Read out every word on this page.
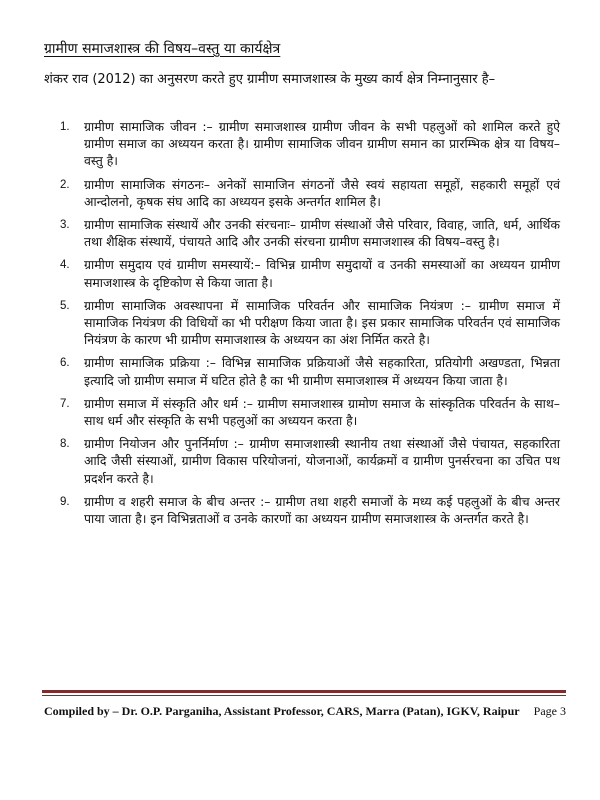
ग्रामीण समाजशास्त्र की विषय–वस्तु या कार्यक्षेत्र
शंकर राव (2012) का अनुसरण करते हुए ग्रामीण समाजशास्त्र के मुख्य कार्य क्षेत्र निम्नानुसार है–
1. ग्रामीण सामाजिक जीवन :– ग्रामीण समाजशास्त्र ग्रामीण जीवन के सभी पहलुओं को शामिल करते हुऐ ग्रामीण समाज का अध्ययन करता है। ग्रामीण सामाजिक जीवन ग्रामीण समान का प्रारम्भिक क्षेत्र या विषय–वस्तु है।
2. ग्रामीण सामाजिक संगठनः– अनेकों सामाजिन संगठनों जैसे स्वयं सहायता समूहों, सहकारी समूहों एवं आन्दोलनो, कृषक संघ आदि का अध्ययन इसके अन्तर्गत शामिल है।
3. ग्रामीण सामाजिक संस्थायें और उनकी संरचनाः– ग्रामीण संस्थाओं जैसे परिवार, विवाह, जाति, धर्म, आर्थिक तथा शैक्षिक संस्थायें, पंचायते आदि और उनकी संरचना ग्रामीण समाजशास्त्र की विषय–वस्तु है।
4. ग्रामीण समुदाय एवं ग्रामीण समस्यायें:– विभिन्न ग्रामीण समुदायों व उनकी समस्याओं का अध्ययन ग्रामीण समाजशास्त्र के दृष्टिकोण से किया जाता है।
5. ग्रामीण सामाजिक अवस्थापना में सामाजिक परिवर्तन और सामाजिक नियंत्रण :– ग्रामीण समाज में सामाजिक नियंत्रण की विधियों का भी परीक्षण किया जाता है। इस प्रकार सामाजिक परिवर्तन एवं सामाजिक नियंत्रण के कारण भी ग्रामीण समाजशास्त्र के अध्ययन का अंश निर्मित करते है।
6. ग्रामीण सामाजिक प्रक्रिया :– विभिन्न सामाजिक प्रक्रियाओं जैसे सहकारिता, प्रतियोगी अखण्डता, भिन्नता इत्यादि जो ग्रामीण समाज में घटित होते है का भी ग्रामीण समाजशास्त्र में अध्ययन किया जाता है।
7. ग्रामीण समाज में संस्कृति और धर्म :– ग्रामीण समाजशास्त्र ग्रामोण समाज के सांस्कृतिक परिवर्तन के साथ–साथ धर्म और संस्कृति के सभी पहलुओं का अध्ययन करता है।
8. ग्रामीण नियोजन और पुनर्निर्माण :– ग्रामीण समाजशास्त्री स्थानीय तथा संस्थाओं जैसे पंचायत, सहकारिता आदि जैसी संस्याओं, ग्रामीण विकास परियोजनां, योजनाओं, कार्यक्रमों व ग्रामीण पुनर्सरचना का उचित पथ प्रदर्शन करते है।
9. ग्रामीण व शहरी समाज के बीच अन्तर :– ग्रामीण तथा शहरी समाजों के मध्य कई पहलुओं के बीच अन्तर पाया जाता है। इन विभिन्नताओं व उनके कारणों का अध्ययन ग्रामीण समाजशास्त्र के अन्तर्गत करते है।
Compiled by – Dr. O.P. Parganiha, Assistant Professor, CARS, Marra (Patan), IGKV, Raipur Page 3
